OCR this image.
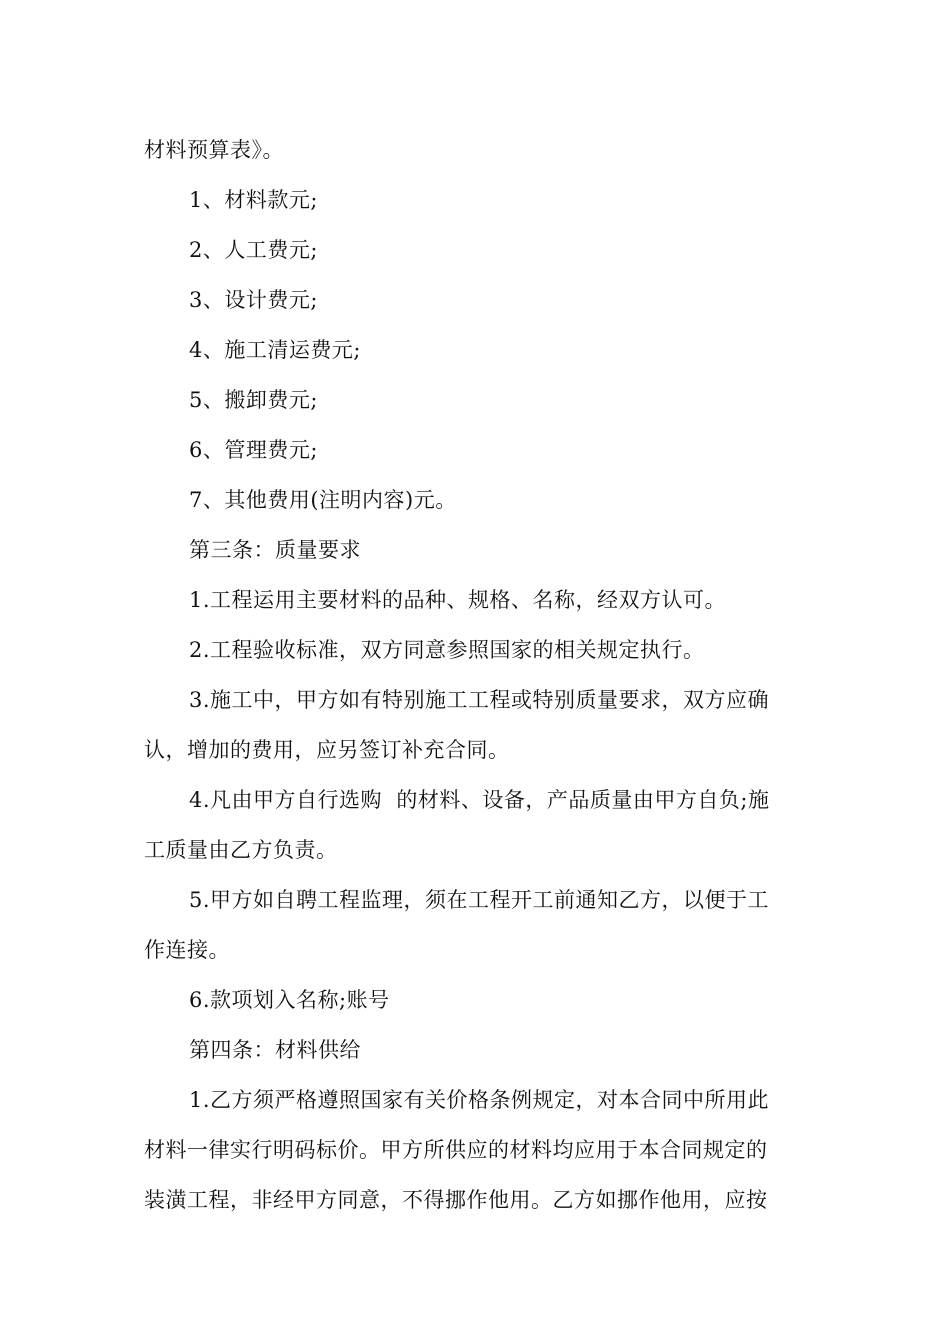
材料预算表》。
1、材料款元;
2、人工费元;
3、设计费元;
4、施工清运费元;
5、搬卸费元;
6、管理费元;
7、其他费用(注明内容)元。
第三条：质量要求
1.工程运用主要材料的品种、规格、名称，经双方认可。
2.工程验收标准，双方同意参照国家的相关规定执行。
3.施工中，甲方如有特别施工工程或特别质量要求，双方应确
认，增加的费用，应另签订补充合同。
4.凡由甲方自行选购  的材料、设备，产品质量由甲方自负;施
工质量由乙方负责。
5.甲方如自聘工程监理，须在工程开工前通知乙方，以便于工
作连接。
6.款项划入名称;账号
第四条：材料供给
1.乙方须严格遵照国家有关价格条例规定，对本合同中所用此
材料一律实行明码标价。甲方所供应的材料均应用于本合同规定的
装潢工程，非经甲方同意，不得挪作他用。乙方如挪作他用，应按
